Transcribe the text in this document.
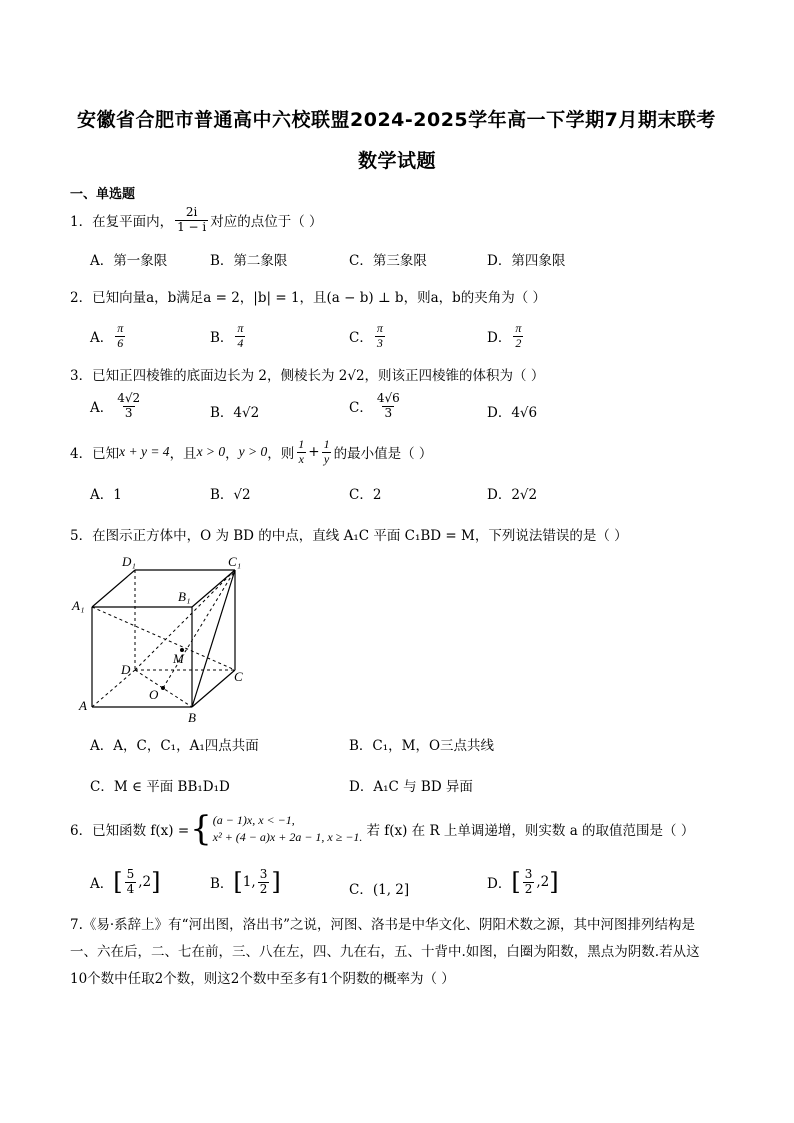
安徽省合肥市普通高中六校联盟2024-2025学年高一下学期7月期末联考
数学试题
一、单选题
1．在复平面内， $\frac{2i}{1 - i}$ 对应的点位于（ ）
A．第一象限	B．第二象限	C．第三象限	D．第四象限
2．已知向量a，b满足a = 2，|b| = 1，且(a − b) ⊥ b，则a，b的夹角为（ ）
A． $\frac{\pi}{6}$	B． $\frac{\pi}{4}$	C． $\frac{\pi}{3}$	D． $\frac{\pi}{2}$
3．已知正四棱锥的底面边长为 2，侧棱长为 2√2，则该正四棱锥的体积为（ ）
A． $\frac{4√2}{3}$	B．4√2	C． $\frac{4√6}{3}$	D．4√6
4．已知 x + y = 4 ，且 x > 0 ， y > 0 ，则 $\frac{1}{x} + \frac{1}{y}$ 的最小值是（ ）
A．1	B．√2	C．2	D．2√2
5．在图示正方体中，O 为 BD 的中点，直线 A₁C 平面 C₁BD = M，下列说法错误的是（ ）
D₁	C₁
A₁
B₁
M
D	C
O
A
B
A．A，C，C₁，A₁四点共面	B．C₁，M，O三点共线
C．M ∈ 平面 BB₁D₁D	D．A₁C 与 BD 异面
6．已知函数 f(x) = { (a − 1)x, x < −1,
x² + (4 − a)x + 2a − 1, x ≥ −1. 若 f(x) 在 R 上单调递增，则实数 a 的取值范围是（ ）
A． [ $\frac{5}{4} ,2$ ]	B． [ 1, $\frac{3}{2}$ ]	C．(1, 2]	D． [ $\frac{3}{2} ,2$ ]
7.《易·系辞上》有“河出图，洛出书”之说，河图、洛书是中华文化、阴阳术数之源，其中河图排列结构是
一、六在后，二、七在前，三、八在左，四、九在右，五、十背中.如图，白圈为阳数，黑点为阴数.若从这
10个数中任取2个数，则这2个数中至多有1个阴数的概率为（ ）
